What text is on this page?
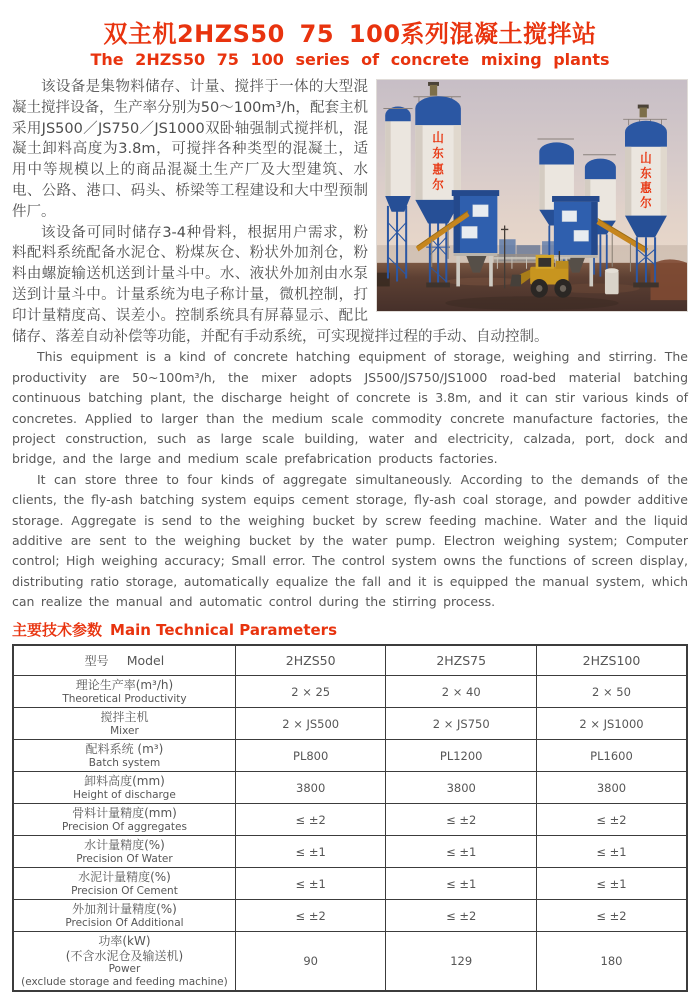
双主机2HZS50 75 100系列混凝土搅拌站
The 2HZS50 75 100 series of concrete mixing plants
山
东
惠
尔
山
东
惠
尔

该设备是集物料储存、计量、搅拌于一体的大型混凝土搅拌设备，生产率分别为50～100m³/h，配套主机采用JS500／JS750／JS1000双卧轴强制式搅拌机，混凝土卸料高度为3.8m，可搅拌各种类型的混凝土，适用中等规模以上的商品混凝土生产厂及大型建筑、水电、公路、港口、码头、桥梁等工程建设和大中型预制件厂。

该设备可同时储存3-4种骨料，根据用户需求，粉料配料系统配备水泥仓、粉煤灰仓、粉状外加剂仓，粉料由螺旋输送机送到计量斗中。水、液状外加剂由水泵送到计量斗中。计量系统为电子称计量，微机控制，打印计量精度高、误差小。控制系统具有屏幕显示、配比储存、落差自动补偿等功能，并配有手动系统，可实现搅拌过程的手动、自动控制。

This equipment is a kind of concrete hatching equipment of storage, weighing and stirring. The productivity are 50~100m³/h, the mixer adopts JS500/JS750/JS1000 road-bed material batching continuous batching plant, the discharge height of concrete is 3.8m, and it can stir various kinds of concretes. Applied to larger than the medium scale commodity concrete manufacture factories, the project construction, such as large scale building, water and electricity, calzada, port, dock and bridge, and the large and medium scale prefabrication products factories.

It can store three to four kinds of aggregate simultaneously. According to the demands of the clients, the fly-ash batching system equips cement storage, fly-ash coal storage, and powder additive storage. Aggregate is send to the weighing bucket by screw feeding machine. Water and the liquid additive are sent to the weighing bucket by the water pump. Electron weighing system; Computer control; High weighing accuracy; Small error. The control system owns the functions of screen display, distributing ratio storage, automatically equalize the fall and it is equipped the manual system, which can realize the manual and automatic control during the stirring process.

主要技术参数 Main Technical Parameters
型号 Model	2HZS50	2HZS75	2HZS100

理论生产率(m³/h)
Theoretical Productivity	2 × 25	2 × 40	2 × 50

搅拌主机
Mixer	2 × JS500	2 × JS750	2 × JS1000

配料系统 (m³)
Batch system	PL800	PL1200	PL1600

卸料高度(mm)
Height of discharge	3800	3800	3800

骨料计量精度(mm)
Precision Of aggregates	≤ ±2	≤ ±2	≤ ±2

水计量精度(%)
Precision Of Water	≤ ±1	≤ ±1	≤ ±1

水泥计量精度(%)
Precision Of Cement	≤ ±1	≤ ±1	≤ ±1

外加剂计量精度(%)
Precision Of Additional	≤ ±2	≤ ±2	≤ ±2

功率(kW)
(不含水泥仓及输送机)
Power
(exclude storage and feeding machine)	90	129	180
